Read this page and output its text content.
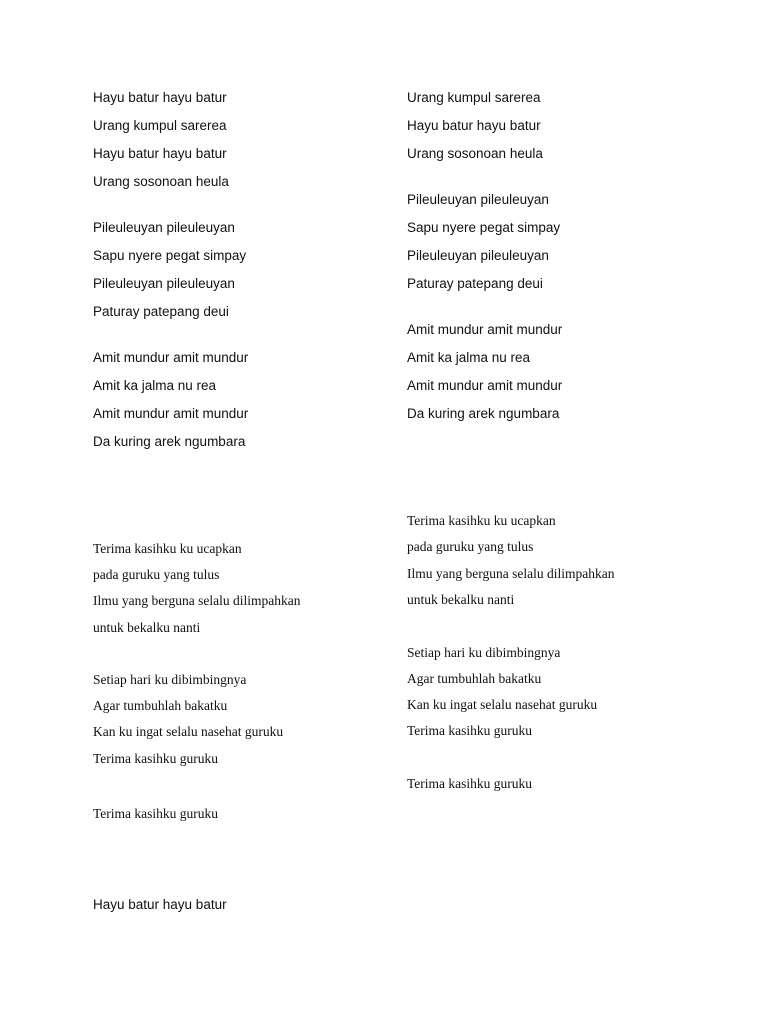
Hayu batur hayu batur

Urang kumpul sarerea

Hayu batur hayu batur

Urang sosonoan heula

Pileuleuyan pileuleuyan

Sapu nyere pegat simpay

Pileuleuyan pileuleuyan

Paturay patepang deui

Amit mundur amit mundur

Amit ka jalma nu rea

Amit mundur amit mundur

Da kuring arek ngumbara

Urang kumpul sarerea

Hayu batur hayu batur

Urang sosonoan heula

Pileuleuyan pileuleuyan

Sapu nyere pegat simpay

Pileuleuyan pileuleuyan

Paturay patepang deui

Amit mundur amit mundur

Amit ka jalma nu rea

Amit mundur amit mundur

Da kuring arek ngumbara

Terima kasihku ku ucapkan

pada guruku yang tulus

Ilmu yang berguna selalu dilimpahkan

untuk bekalku nanti

Setiap hari ku dibimbingnya

Agar tumbuhlah bakatku

Kan ku ingat selalu nasehat guruku

Terima kasihku guruku

Terima kasihku guruku

Terima kasihku ku ucapkan

pada guruku yang tulus

Ilmu yang berguna selalu dilimpahkan

untuk bekalku nanti

Setiap hari ku dibimbingnya

Agar tumbuhlah bakatku

Kan ku ingat selalu nasehat guruku

Terima kasihku guruku

Terima kasihku guruku

Hayu batur hayu batur
